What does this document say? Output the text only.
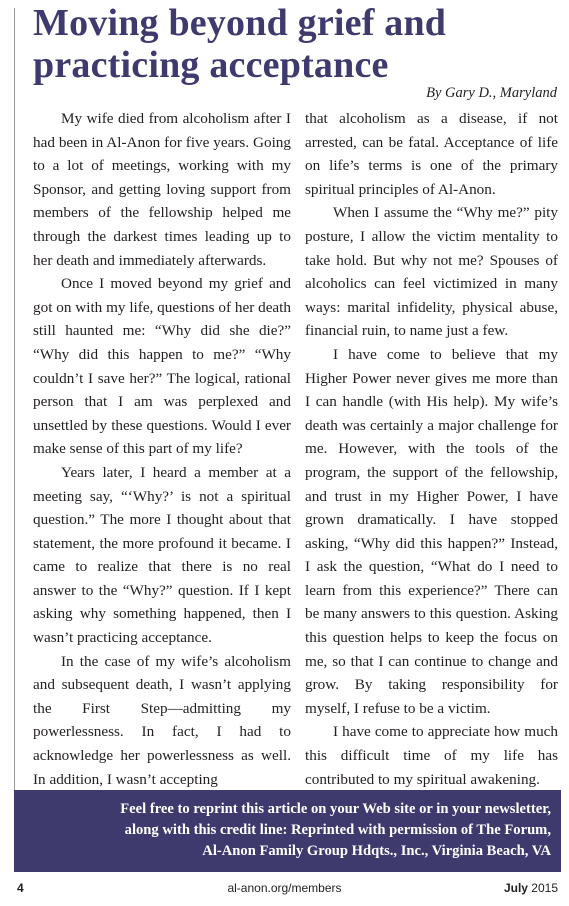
Moving beyond grief and
practicing acceptance
By Gary D., Maryland

My wife died from alcoholism after I had been in Al-Anon for five years. Going to a lot of meetings, working with my Sponsor, and getting loving support from members of the fellowship helped me through the darkest times leading up to her death and immediately afterwards.

Once I moved beyond my grief and got on with my life, questions of her death still haunted me: “Why did she die?” “Why did this happen to me?” “Why couldn’t I save her?” The logical, rational person that I am was perplexed and unsettled by these questions. Would I ever make sense of this part of my life?

Years later, I heard a member at a meeting say, “‘Why?’ is not a spiritual question.” The more I thought about that statement, the more profound it became. I came to realize that there is no real answer to the “Why?” question. If I kept asking why something happened, then I wasn’t practicing acceptance.

In the case of my wife’s alcoholism and subsequent death, I wasn’t applying the First Step—admitting my powerlessness. In fact, I had to acknowledge her powerlessness as well. In addition, I wasn’t accepting

that alcoholism as a disease, if not arrested, can be fatal. Acceptance of life on life’s terms is one of the primary spiritual principles of Al-Anon.

When I assume the “Why me?” pity posture, I allow the victim mentality to take hold. But why not me? Spouses of alcoholics can feel victimized in many ways: marital infidelity, physical abuse, financial ruin, to name just a few.

I have come to believe that my Higher Power never gives me more than I can handle (with His help). My wife’s death was certainly a major challenge for me. However, with the tools of the program, the support of the fellowship, and trust in my Higher Power, I have grown dramatically. I have stopped asking, “Why did this happen?” Instead, I ask the question, “What do I need to learn from this experience?” There can be many answers to this question. Asking this question helps to keep the focus on me, so that I can continue to change and grow. By taking responsibility for myself, I refuse to be a victim.

I have come to appreciate how much this difficult time of my life has contributed to my spiritual awakening.

Feel free to reprint this article on your Web site or in your newsletter,
along with this credit line: Reprinted with permission of The Forum,
Al-Anon Family Group Hdqts., Inc., Virginia Beach, VA
4	al-anon.org/members	July 2015
